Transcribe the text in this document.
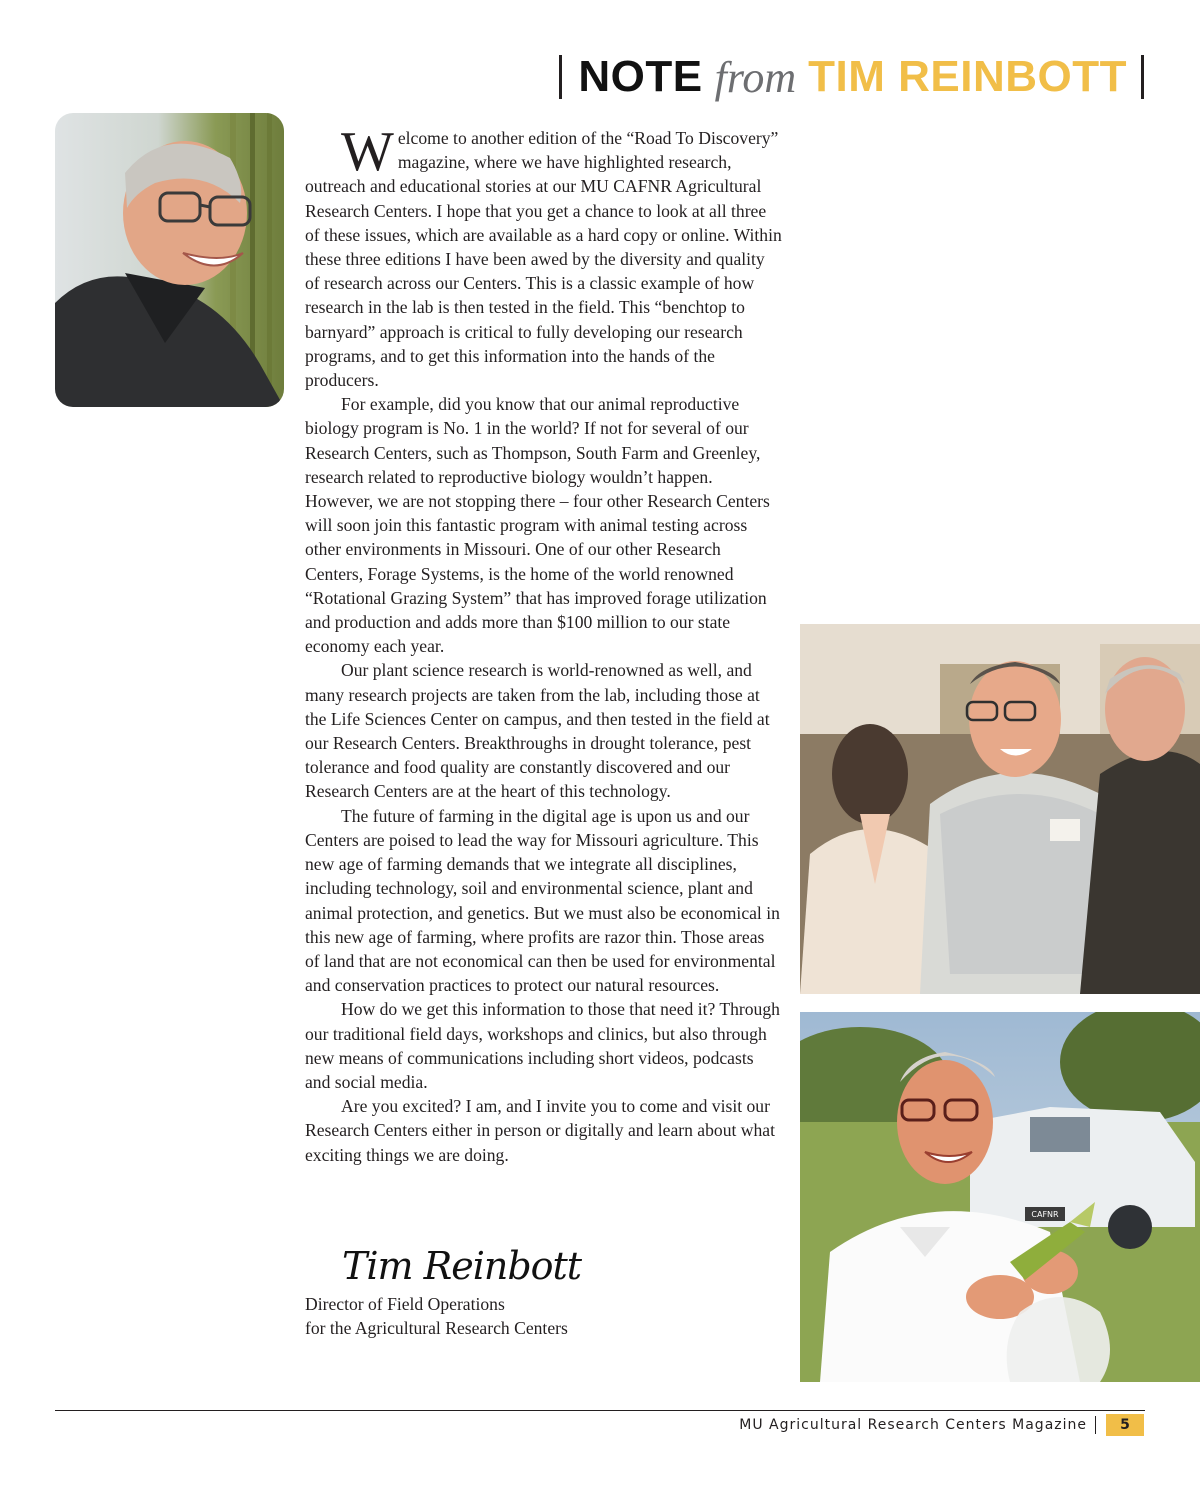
NOTE from TIM REINBOTT

Welcome to another edition of the “Road To Discovery” magazine, where we have highlighted research, outreach and educational stories at our MU CAFNR Agricultural Research Centers. I hope that you get a chance to look at all three of these issues, which are available as a hard copy or online. Within these three editions I have been awed by the diversity and quality of research across our Centers. This is a classic example of how research in the lab is then tested in the field. This “benchtop to barnyard” approach is critical to fully developing our research programs, and to get this information into the hands of the producers.

For example, did you know that our animal reproductive biology program is No. 1 in the world? If not for several of our Research Centers, such as Thompson, South Farm and Greenley, research related to reproductive biology wouldn’t happen. However, we are not stopping there – four other Research Centers will soon join this fantastic program with animal testing across other environments in Missouri. One of our other Research Centers, Forage Systems, is the home of the world renowned “Rotational Grazing System” that has improved forage utilization and production and adds more than $100 million to our state economy each year.

Our plant science research is world-renowned as well, and many research projects are taken from the lab, including those at the Life Sciences Center on campus, and then tested in the field at our Research Centers. Breakthroughs in drought tolerance, pest tolerance and food quality are constantly discovered and our Research Centers are at the heart of this technology.

The future of farming in the digital age is upon us and our Centers are poised to lead the way for Missouri agriculture. This new age of farming demands that we integrate all disciplines, including technology, soil and environmental science, plant and animal protection, and genetics. But we must also be economical in this new age of farming, where profits are razor thin. Those areas of land that are not economical can then be used for environmental and conservation practices to protect our natural resources.

How do we get this information to those that need it? Through our traditional field days, workshops and clinics, but also through new means of communications including short videos, podcasts and social media.

Are you excited? I am, and I invite you to come and visit our Research Centers either in person or digitally and learn about what exciting things we are doing.

Tim Reinbott
Director of Field Operations
for the Agricultural Research Centers
CAFNR
MU Agricultural Research Centers Magazine	5
